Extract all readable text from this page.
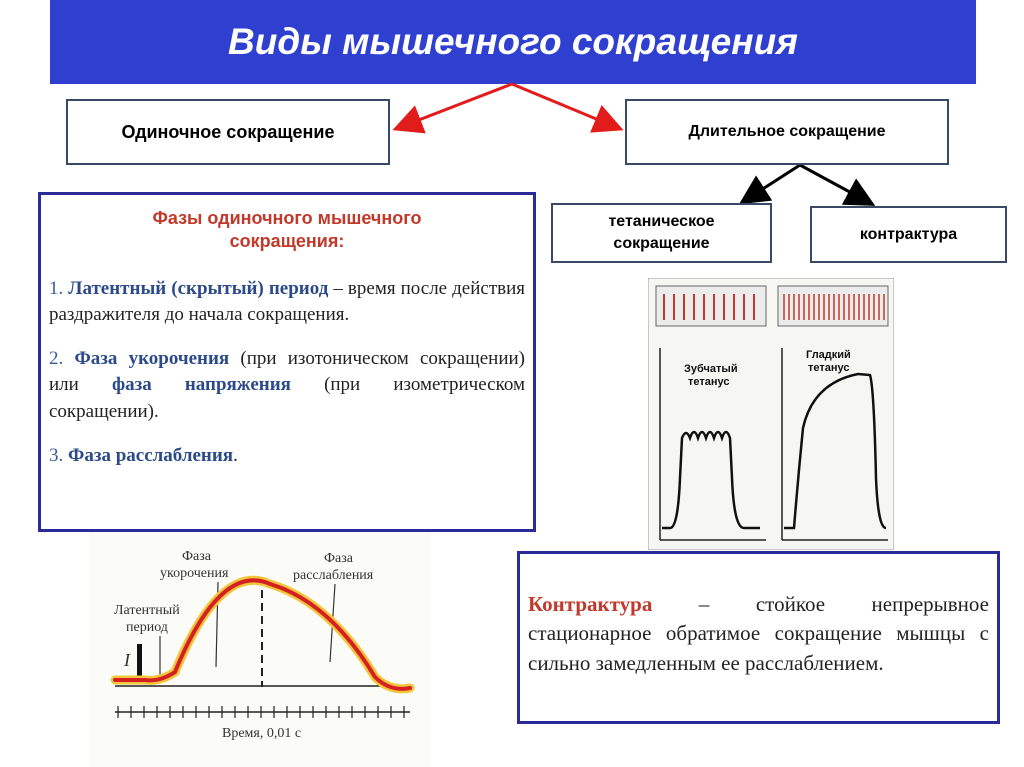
Виды мышечного сокращения
Одиночное сокращение	Длительное сокращение
тетаническое сокращение
контрактура
Фазы одиночного мышечного
сокращения:

1. Латентный (скрытый) период – время после действия раздражителя до начала сокращения.

2. Фаза укорочения (при изотоническом сокращении) или фаза напряжения (при изометрическом сокращении).

3. Фаза расслабления.

Фаза
укорочения
Фаза
расслабления
Латентный
период
I
Время, 0,01 с
Зубчатый
тетанус
Гладкий
тетанус
Контрактура – стойкое непрерывное стационарное обратимое сокращение мышцы с сильно замедленным ее расслаблением.
